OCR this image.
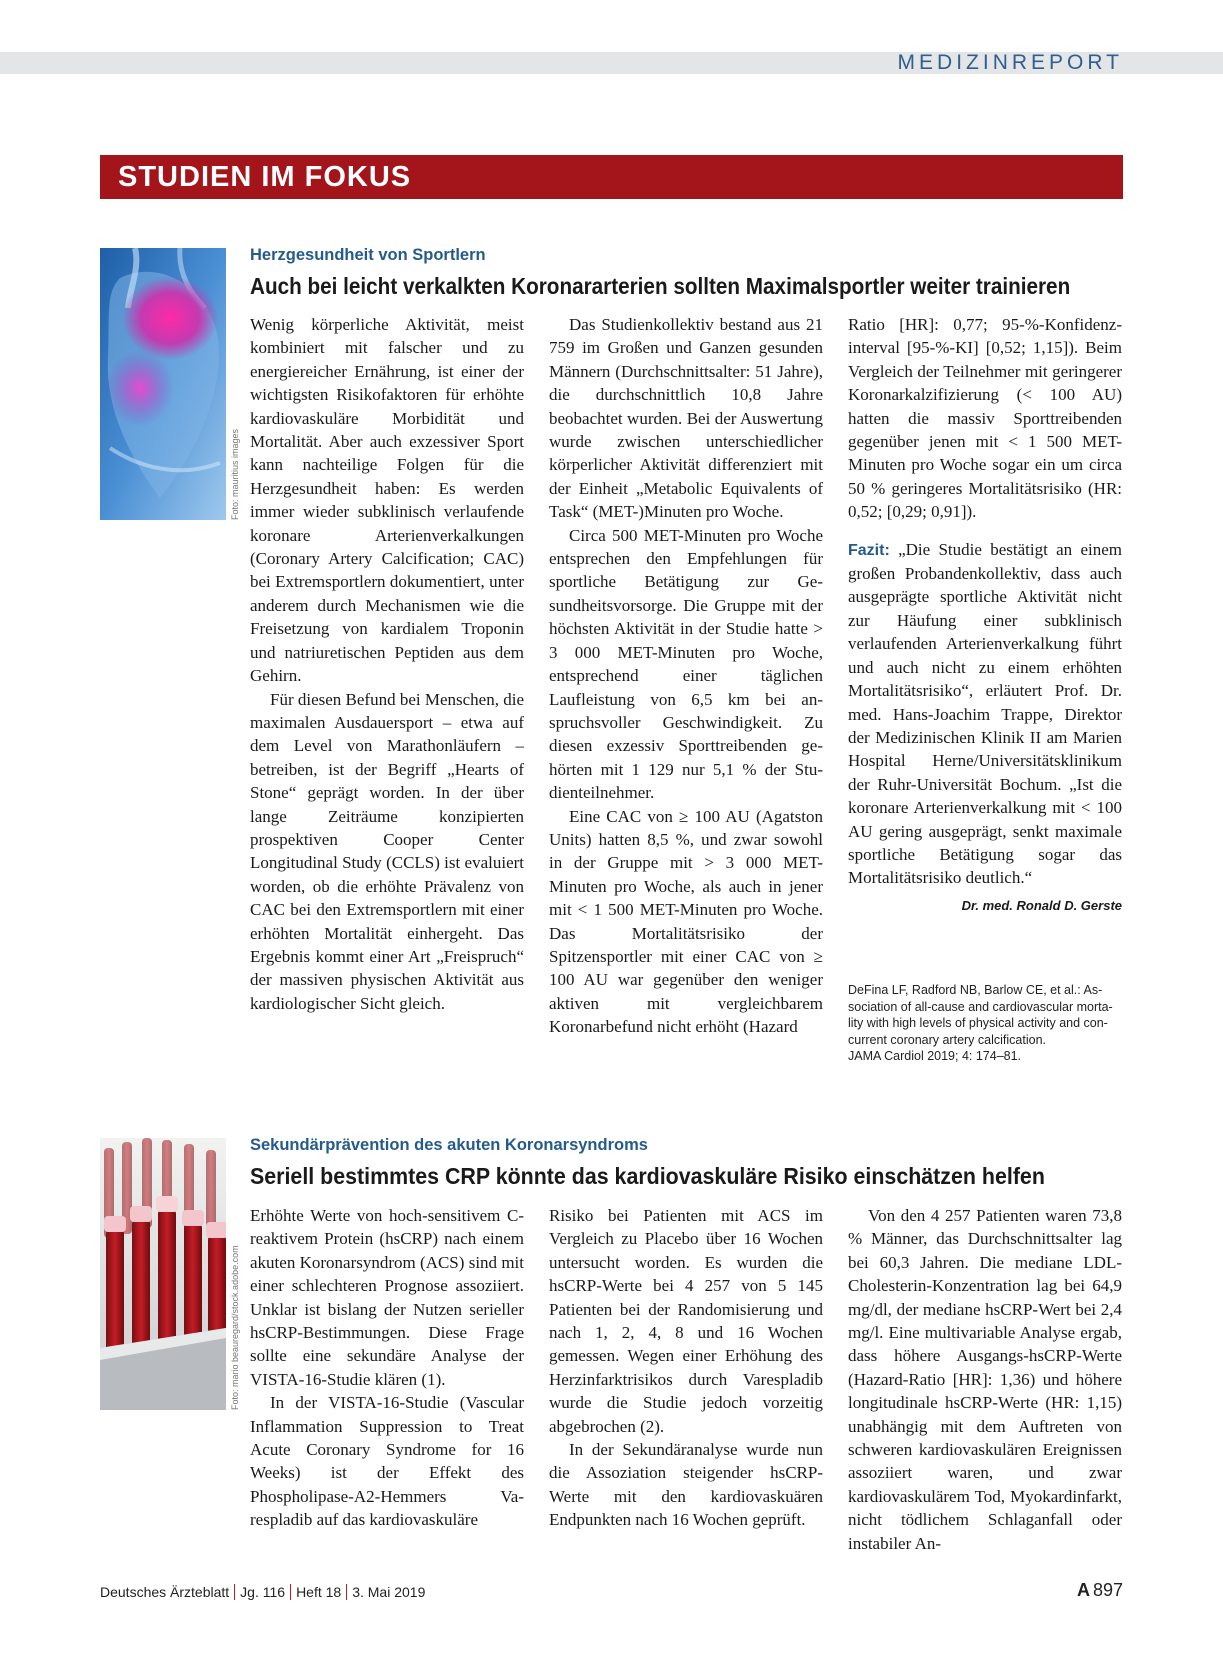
MEDIZINREPORT
STUDIEN IM FOKUS
Foto: mauritius images
Herzgesundheit von Sportlern
Auch bei leicht verkalkten Koronararterien sollten Maximalsportler weiter trainieren

Wenig körperliche Aktivität, meist kombiniert mit falscher und zu energiereicher Ernährung, ist einer der wichtigsten Risikofaktoren für erhöhte kardiovaskuläre Morbidität und Mortalität. Aber auch exzessiver Sport kann nachteilige Folgen für die Herzgesundheit haben: Es werden immer wieder subklinisch verlaufende koronare Arterienverkalkungen (Coronary Artery Calcification; CAC) bei Extremsportlern dokumentiert, unter anderem durch Mechanismen wie die Freisetzung von kardialem Troponin und natriuretischen Peptiden aus dem Gehirn.

Für diesen Befund bei Menschen, die maximalen Ausdauersport – etwa auf dem Level von Marathonläufern – betreiben, ist der Begriff „Hearts of Stone“ geprägt worden. In der über lange Zeiträume konzipierten prospektiven Cooper Center Longitudinal Study (CCLS) ist evaluiert worden, ob die erhöhte Prävalenz von CAC bei den Extremsportlern mit einer erhöhten Mortalität einhergeht. Das Ergebnis kommt einer Art „Freispruch“ der massiven physischen Aktivität aus kardiologischer Sicht gleich.

Das Studienkollektiv bestand aus 21 759 im Großen und Ganzen gesunden Männern (Durchschnittsalter: 51 Jahre), die durchschnittlich 10,8 Jahre beobachtet wurden. Bei der Auswertung wurde zwischen unterschiedlicher körperlicher Aktivität differenziert mit der Einheit „Metabolic Equivalents of Task“ (MET-)Minuten pro Woche.

Circa 500 MET-Minuten pro Woche entsprechen den Empfehlungen für sportliche Betätigung zur Gesundheitsvorsorge. Die Gruppe mit der höchsten Aktivität in der Studie hatte > 3 000 MET-Minuten pro Woche, entsprechend einer täglichen Laufleistung von 6,5 km bei anspruchsvoller Geschwindigkeit. Zu diesen exzessiv Sporttreibenden gehörten mit 1 129 nur 5,1 % der Studienteilnehmer.

Eine CAC von ≥ 100 AU (Agatston Units) hatten 8,5 %, und zwar sowohl in der Gruppe mit > 3 000 MET-Minuten pro Woche, als auch in jener mit < 1 500 MET-Minuten pro Woche. Das Mortalitätsrisiko der Spitzensportler mit einer CAC von ≥ 100 AU war gegenüber den weniger aktiven mit vergleichbarem Koronarbefund nicht erhöht (Hazard

Ratio [HR]: 0,77; 95-%-Konfidenzinterval [95-%-KI] [0,52; 1,15]). Beim Vergleich der Teilnehmer mit geringerer Koronarkalzifizierung (< 100 AU) hatten die massiv Sporttreibenden gegenüber jenen mit < 1 500 MET-Minuten pro Woche sogar ein um circa 50 % geringeres Mortalitätsrisiko (HR: 0,52; [0,29; 0,91]).

Fazit: „Die Studie bestätigt an einem großen Probandenkollektiv, dass auch ausgeprägte sportliche Aktivität nicht zur Häufung einer subklinisch verlaufenden Arterienverkalkung führt und auch nicht zu einem erhöhten Mortalitätsrisiko“, erläutert Prof. Dr. med. Hans-Joachim Trappe, Direktor der Medizinischen Klinik II am Marien Hospital Herne/Universitätsklinikum der Ruhr-Universität Bochum. „Ist die koronare Arterienverkalkung mit < 100 AU gering ausgeprägt, senkt maximale sportliche Betätigung sogar das Mortalitätsrisiko deutlich.“

Dr. med. Ronald D. Gerste
DeFina LF, Radford NB, Barlow CE, et al.: As-
sociation of all-cause and cardiovascular morta-
lity with high levels of physical activity and con-
current coronary artery calcification.
JAMA Cardiol 2019; 4: 174–81.
Foto: mario beauregard/stock.adobe.com
Sekundärprävention des akuten Koronarsyndroms
Seriell bestimmtes CRP könnte das kardiovaskuläre Risiko einschätzen helfen

Erhöhte Werte von hoch-sensitivem C-reaktivem Protein (hsCRP) nach einem akuten Koronarsyndrom (ACS) sind mit einer schlechteren Prognose assoziiert. Unklar ist bislang der Nutzen serieller hsCRP-Bestimmungen. Diese Frage sollte eine sekundäre Analyse der VISTA-16-Studie klären (1).

In der VISTA-16-Studie (Vascular Inflammation Suppression to Treat Acute Coronary Syndrome for 16 Weeks) ist der Effekt des Phospholipase-A2-Hemmers Varespladib auf das kardiovaskuläre

Risiko bei Patienten mit ACS im Vergleich zu Placebo über 16 Wochen untersucht worden. Es wurden die hsCRP-Werte bei 4 257 von 5 145 Patienten bei der Randomisierung und nach 1, 2, 4, 8 und 16 Wochen gemessen. Wegen einer Erhöhung des Herzinfarktrisikos durch Varespladib wurde die Studie jedoch vorzeitig abgebrochen (2).

In der Sekundäranalyse wurde nun die Assoziation steigender hsCRP-Werte mit den kardiovaskuären Endpunkten nach 16 Wochen geprüft.

Von den 4 257 Patienten waren 73,8 % Männer, das Durchschnittsalter lag bei 60,3 Jahren. Die mediane LDL-Cholesterin-Konzentration lag bei 64,9 mg/dl, der mediane hsCRP-Wert bei 2,4 mg/l. Eine multivariable Analyse ergab, dass höhere Ausgangs-hsCRP-Werte (Hazard-Ratio [HR]: 1,36) und höhere longitudinale hsCRP-Werte (HR: 1,15) unabhängig mit dem Auftreten von schweren kardiovaskulären Ereignissen assoziiert waren, und zwar kardiovaskulärem Tod, Myokardinfarkt, nicht tödlichem Schlaganfall oder instabiler An-

Deutsches Ärzteblatt Jg. 116 Heft 18 3. Mai 2019	A 897
